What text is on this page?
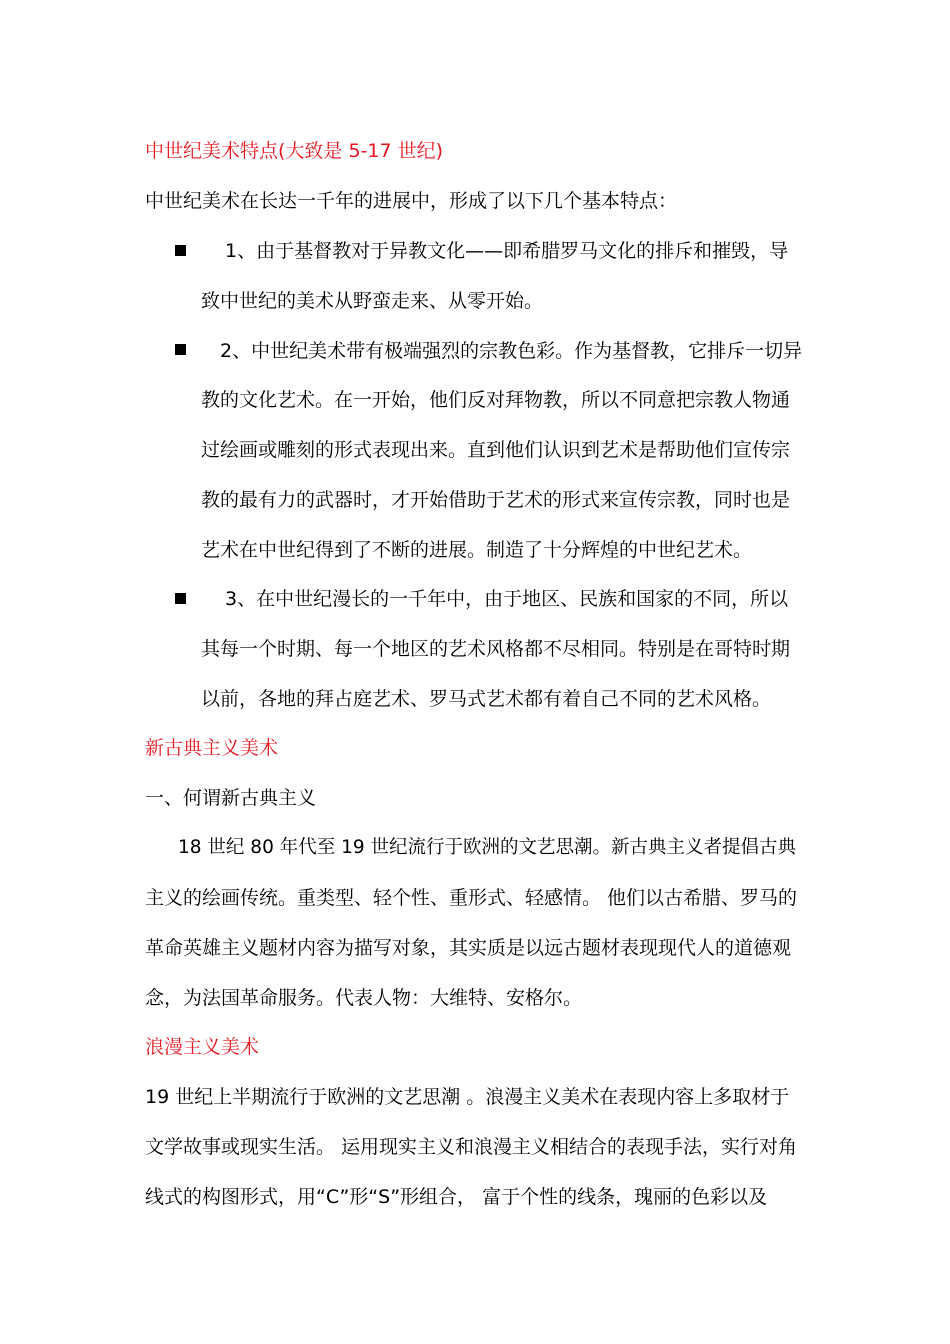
中世纪美术特点(大致是 5-17 世纪)
中世纪美术在长达一千年的进展中，形成了以下几个基本特点：
1、由于基督教对于异教文化——即希腊罗马文化的排斥和摧毁，导
致中世纪的美术从野蛮走来、从零开始。
2、中世纪美术带有极端强烈的宗教色彩。作为基督教，它排斥一切异
教的文化艺术。在一开始，他们反对拜物教，所以不同意把宗教人物通
过绘画或雕刻的形式表现出来。直到他们认识到艺术是帮助他们宣传宗
教的最有力的武器时，才开始借助于艺术的形式来宣传宗教，同时也是
艺术在中世纪得到了不断的进展。制造了十分辉煌的中世纪艺术。
3、在中世纪漫长的一千年中，由于地区、民族和国家的不同，所以
其每一个时期、每一个地区的艺术风格都不尽相同。特别是在哥特时期
以前，各地的拜占庭艺术、罗马式艺术都有着自己不同的艺术风格。
新古典主义美术
一、何谓新古典主义
18 世纪 80 年代至 19 世纪流行于欧洲的文艺思潮。新古典主义者提倡古典
主义的绘画传统。重类型、轻个性、重形式、轻感情。 他们以古希腊、罗马的
革命英雄主义题材内容为描写对象，其实质是以远古题材表现现代人的道德观
念，为法国革命服务。代表人物：大维特、安格尔。
浪漫主义美术
19 世纪上半期流行于欧洲的文艺思潮 。浪漫主义美术在表现内容上多取材于
文学故事或现实生活。 运用现实主义和浪漫主义相结合的表现手法，实行对角
线式的构图形式，用“C”形“S”形组合， 富于个性的线条，瑰丽的色彩以及
